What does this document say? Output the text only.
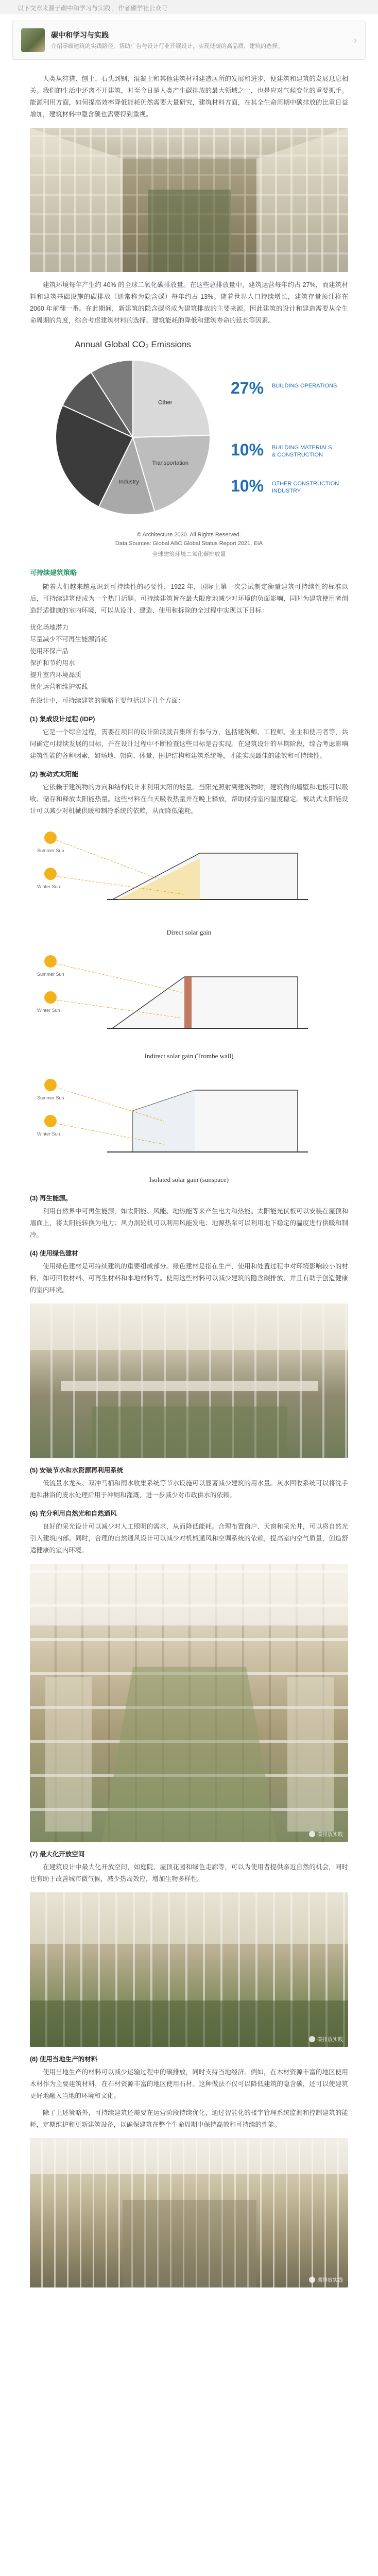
以下文章来源于碳中和学习与实践 ，作者碳学社公众号
碳中和学习与实践
介绍零碳建筑的实践路径，帮助广告与设计行业开展设计，实现低碳的高品质、建筑的选择。
›

人类从狩猎、刨土、石头到钢，混凝土和其他建筑材料建造居所的发展和进步，便建筑和建筑的发展息息相关。我们的生活中还离不开建筑，时至今日是人类产生碳排放的最大领域之一，也是应对气候变化的重要抓手。能源利用方面，如何提高效率降低能耗仍然需要大量研究，建筑材料方面，在其全生命周期中碳排放的比重日益增加，建筑材料中隐含碳也需要得到重视。

建筑环境每年产生约 40% 的全球二氧化碳排放量。在这些总排放量中，建筑运营每年约占 27%，而建筑材料和建筑基础设施的碳排放（通常称为隐含碳）每年约占 13%。随着世界人口持续增长，建筑存量预计将在 2060 年前翻一番。在此期间，新建筑的隐含碳将成为建筑排放的主要来源。因此建筑的设计和建造需要从全生命周期的角度，综合考虑建筑材料的选择、建筑能耗的降低和建筑寿命的延长等因素。

Annual Global CO₂ Emissions
Other
Transportation
Industry
27% BUILDING OPERATIONS
10% BUILDING MATERIALS
& CONSTRUCTION
10% OTHER CONSTRUCTION
INDUSTRY
© Architecture 2030. All Rights Reserved.
Data Sources: Global ABC Global Status Report 2021, EIA
全球建筑环境二氧化碳排放量
可持续建筑策略

随着人们越来越意识到可持续性的必要性，1922 年，国际上第一次尝试制定衡量建筑可持续性的标准以后，可持续建筑便成为一个热门话题。可持续建筑旨在最大限度地减少对环境的负面影响，同时为建筑使用者创造舒适健康的室内环境，可以从设计、建造、使用和拆除的全过程中实现以下目标：

优化场地潜力

尽量减少不可再生能源消耗

使用环保产品

保护和节约用水

提升室内环境品质

优化运营和维护实践

在设计中，可持续建筑的策略主要包括以下几个方面：

(1) 集成设计过程 (IDP)

它是一个综合过程，需要在项目的设计阶段就召集所有参与方，包括建筑师、工程师、业主和使用者等，共同确定可持续发展的目标，并在设计过程中不断检查这些目标是否实现。在建筑设计的早期阶段，综合考虑影响建筑性能的各种因素，如场地、朝向、体量、围护结构和建筑系统等，才能实现最佳的能效和可持续性。

(2) 被动式太阳能

它依赖于建筑物的方向和结构设计来利用太阳的能量。当阳光照射到建筑物时，建筑物的墙壁和地板可以吸收、储存和释放太阳能热量。这些材料在白天吸收热量并在晚上释放，帮助保持室内温度稳定。被动式太阳能设计可以减少对机械供暖和制冷系统的依赖，从而降低能耗。

Summer Sun
Winter Sun
Direct solar gain
Summer Sun
Winter Sun
Indirect solar gain (Trombe wall)
Summer Sun
Winter Sun
Isolated solar gain (sunspace)
(3) 再生能源。

利用自然界中可再生能源，如太阳能、风能、地热能等来产生电力和热能。太阳能光伏板可以安装在屋顶和墙面上，将太阳能转换为电力；风力涡轮机可以利用风能发电；地源热泵可以利用地下稳定的温度进行供暖和制冷。

(4) 使用绿色建材

使用绿色建材是可持续建筑的重要组成部分。绿色建材是指在生产、使用和处置过程中对环境影响较小的材料，如可回收材料、可再生材料和本地材料等。使用这些材料可以减少建筑的隐含碳排放，并且有助于创造健康的室内环境。

(5) 安装节水和水资源再利用系统

低流量水龙头、双冲马桶和雨水收集系统等节水设施可以显著减少建筑的用水量。灰水回收系统可以将洗手池和淋浴的废水处理后用于冲厕和灌溉，进一步减少对市政供水的依赖。

(6) 充分利用自然光和自然通风

良好的采光设计可以减少对人工照明的需求，从而降低能耗。合理布置窗户、天窗和采光井，可以将自然光引入建筑内部。同时，合理的自然通风设计可以减少对机械通风和空调系统的依赖，提高室内空气质量，创造舒适健康的室内环境。

碳排放实践
(7) 最大化开放空间

在建筑设计中最大化开放空间，如庭院、屋顶花园和绿色走廊等，可以为使用者提供亲近自然的机会，同时也有助于改善城市微气候，减少热岛效应，增加生物多样性。

碳排放实践
(8) 使用当地生产的材料

使用当地生产的材料可以减少运输过程中的碳排放，同时支持当地经济。例如，在木材资源丰富的地区使用木材作为主要建筑材料，在石材资源丰富的地区使用石材。这种做法不仅可以降低建筑的隐含碳，还可以使建筑更好地融入当地的环境和文化。

除了上述策略外，可持续建筑还需要在运营阶段持续优化，通过智能化的楼宇管理系统监测和控制建筑的能耗，定期维护和更新建筑设备，以确保建筑在整个生命周期中保持高效和可持续的性能。

碳排放实践
